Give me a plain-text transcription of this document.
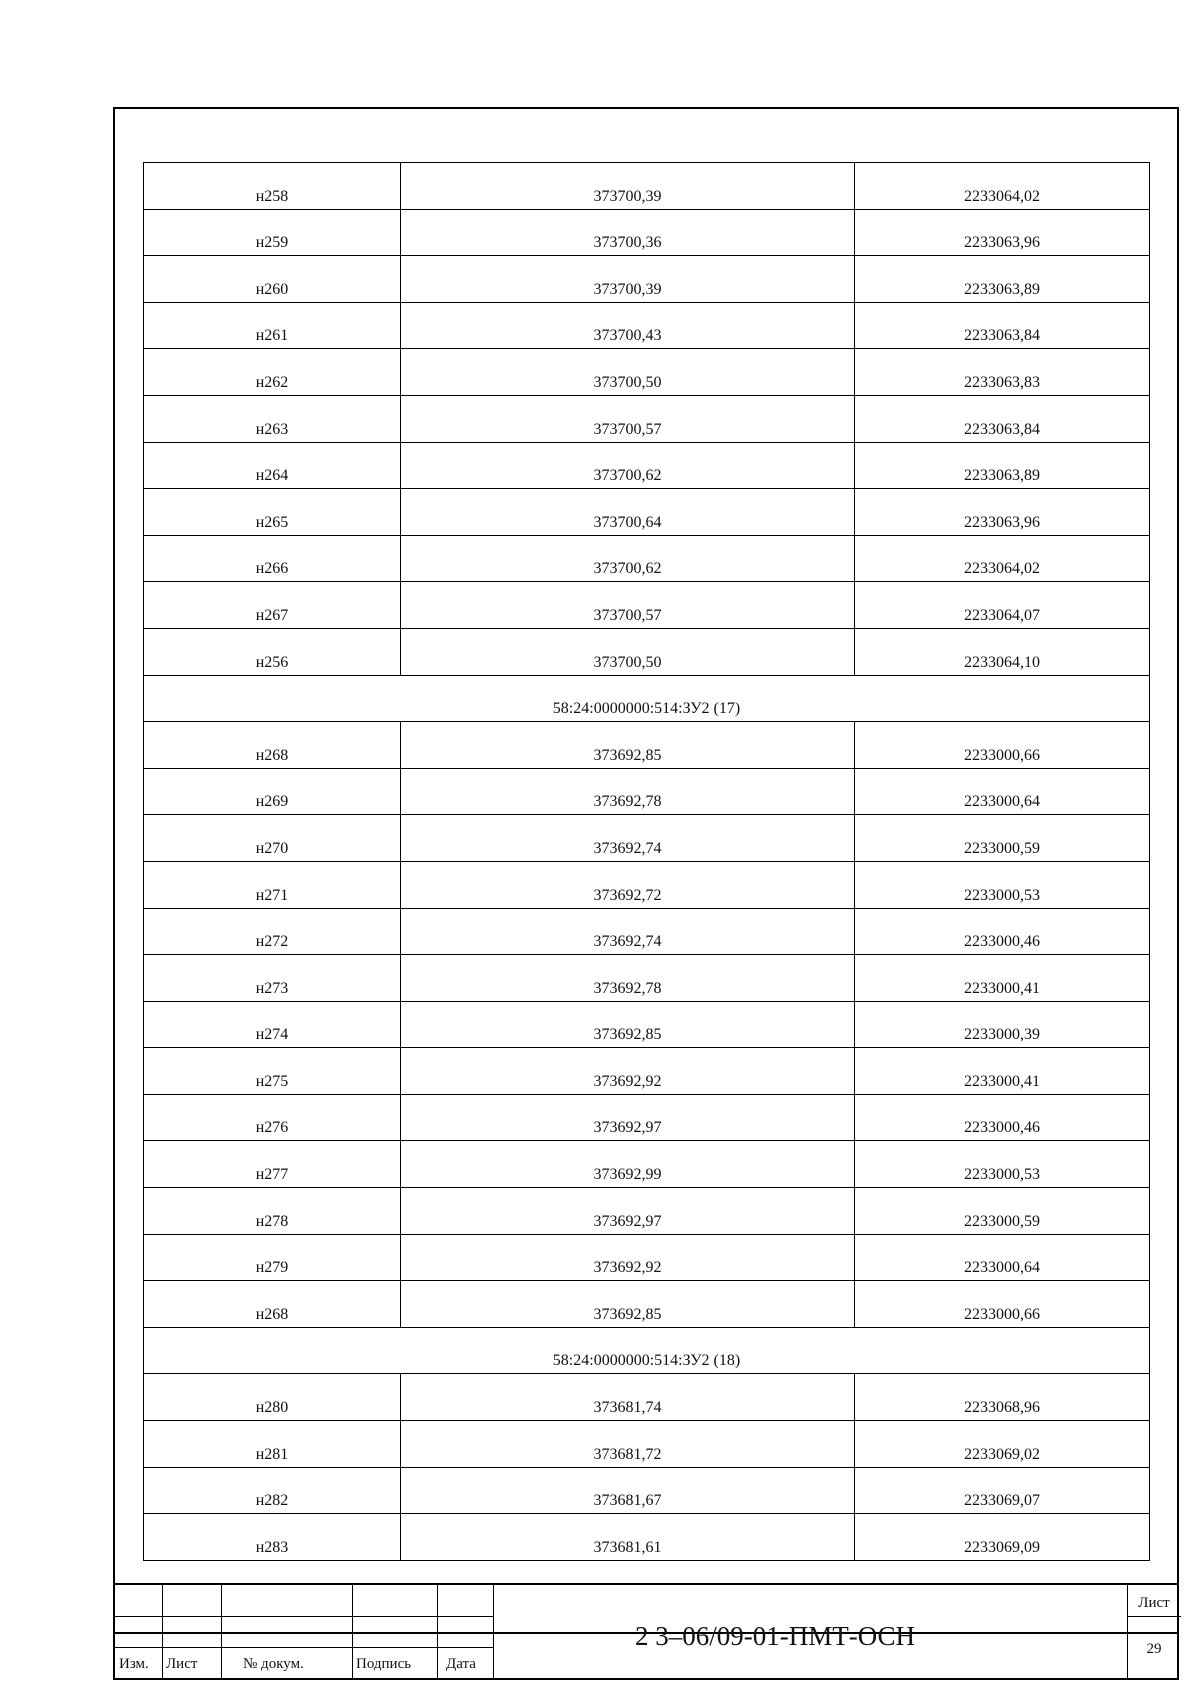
н258	373700,39	2233064,02
н259	373700,36	2233063,96
н260	373700,39	2233063,89
н261	373700,43	2233063,84
н262	373700,50	2233063,83
н263	373700,57	2233063,84
н264	373700,62	2233063,89
н265	373700,64	2233063,96
н266	373700,62	2233064,02
н267	373700,57	2233064,07
н256	373700,50	2233064,10
58:24:0000000:514:ЗУ2 (17)		
н268	373692,85	2233000,66
н269	373692,78	2233000,64
н270	373692,74	2233000,59
н271	373692,72	2233000,53
н272	373692,74	2233000,46
н273	373692,78	2233000,41
н274	373692,85	2233000,39
н275	373692,92	2233000,41
н276	373692,97	2233000,46
н277	373692,99	2233000,53
н278	373692,97	2233000,59
н279	373692,92	2233000,64
н268	373692,85	2233000,66
58:24:0000000:514:ЗУ2 (18)		
н280	373681,74	2233068,96
н281	373681,72	2233069,02
н282	373681,67	2233069,07
н283	373681,61	2233069,09
Изм. Лист	№ докум.	Подпись Дата
2 3–06/09-01-ПМТ-ОСН
Лист
29
